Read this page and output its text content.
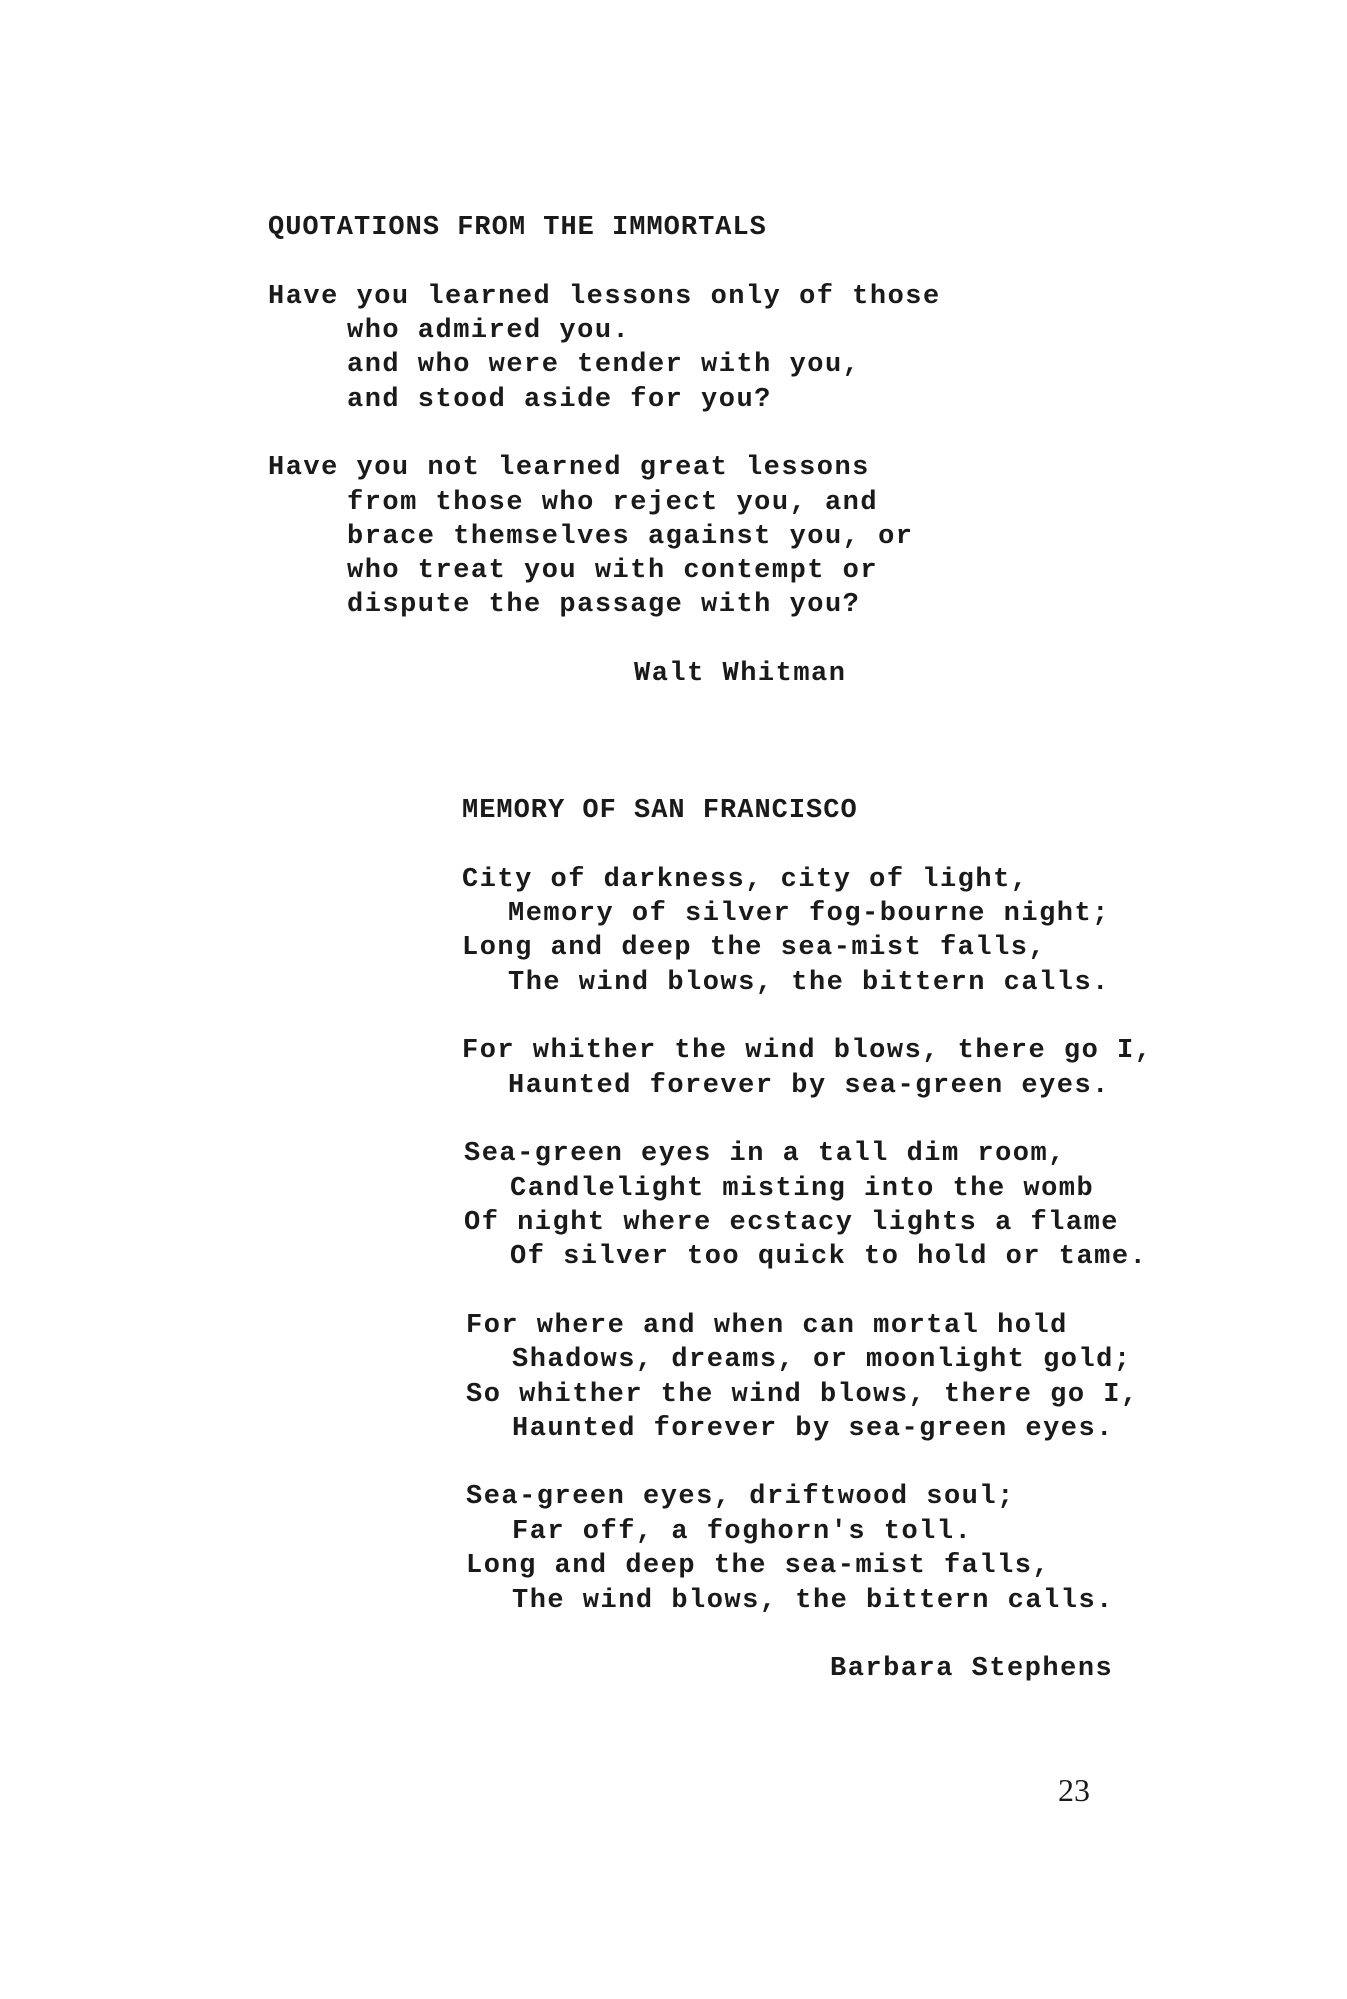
QUOTATIONS FROM THE IMMORTALS
Have you learned lessons only of those
who admired you.
and who were tender with you,
and stood aside for you?
Have you not learned great lessons
from those who reject you, and
brace themselves against you, or
who treat you with contempt or
dispute the passage with you?
Walt Whitman
MEMORY OF SAN FRANCISCO
City of darkness, city of light,
Memory of silver fog-bourne night;
Long and deep the sea-mist falls,
The wind blows, the bittern calls.
For whither the wind blows, there go I,
Haunted forever by sea-green eyes.
Sea-green eyes in a tall dim room,
Candlelight misting into the womb
Of night where ecstacy lights a flame
Of silver too quick to hold or tame.
For where and when can mortal hold
Shadows, dreams, or moonlight gold;
So whither the wind blows, there go I,
Haunted forever by sea-green eyes.
Sea-green eyes, driftwood soul;
Far off, a foghorn's toll.
Long and deep the sea-mist falls,
The wind blows, the bittern calls.
Barbara Stephens
23
